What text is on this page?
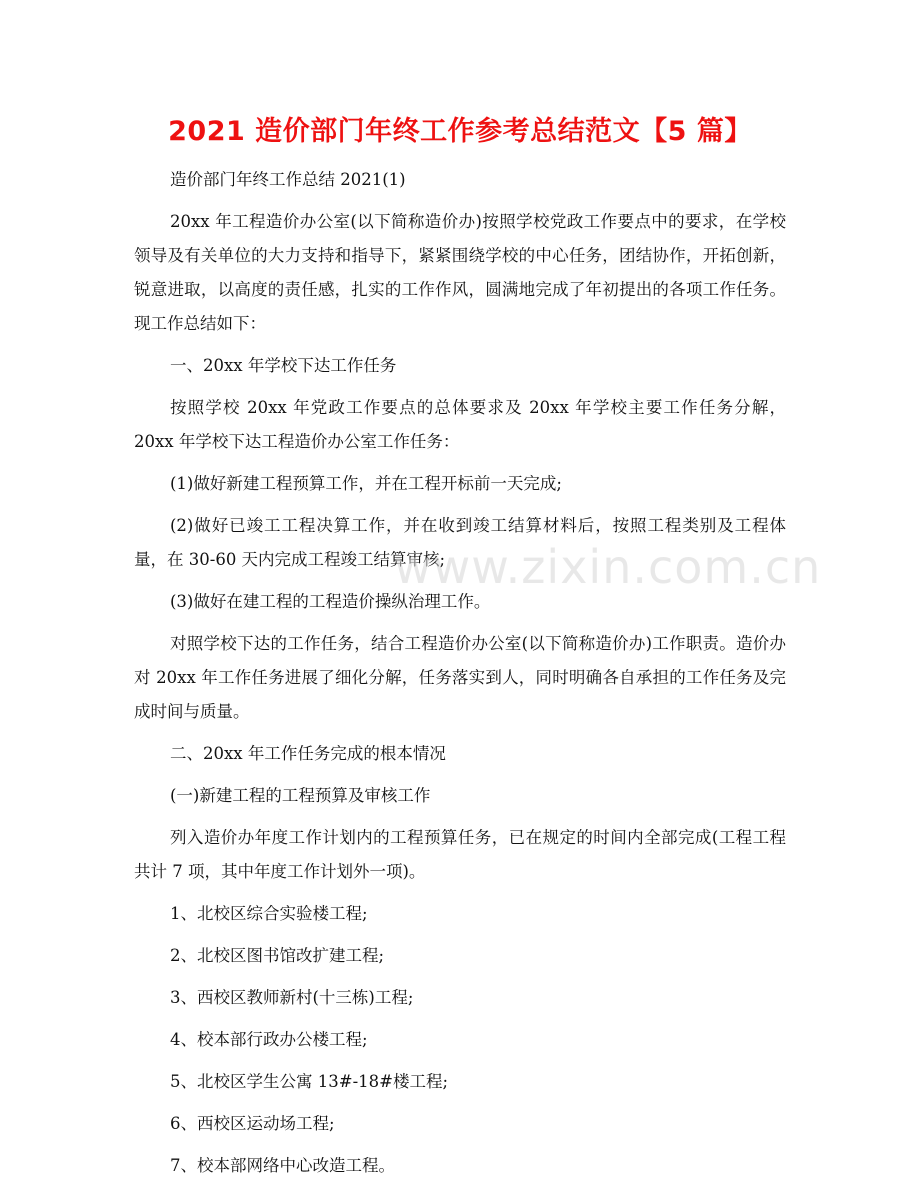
2021 造价部门年终工作参考总结范文【5 篇】

造价部门年终工作总结 2021(1)

20xx 年工程造价办公室(以下简称造价办)按照学校党政工作要点中的要求，在学校领导及有关单位的大力支持和指导下，紧紧围绕学校的中心任务，团结协作，开拓创新，锐意进取，以高度的责任感，扎实的工作作风，圆满地完成了年初提出的各项工作任务。现工作总结如下：

一、20xx 年学校下达工作任务

按照学校 20xx 年党政工作要点的总体要求及 20xx 年学校主要工作任务分解，20xx 年学校下达工程造价办公室工作任务：

(1)做好新建工程预算工作，并在工程开标前一天完成;

(2)做好已竣工工程决算工作，并在收到竣工结算材料后，按照工程类别及工程体量，在 30-60 天内完成工程竣工结算审核;

(3)做好在建工程的工程造价操纵治理工作。

对照学校下达的工作任务，结合工程造价办公室(以下简称造价办)工作职责。造价办对 20xx 年工作任务进展了细化分解，任务落实到人，同时明确各自承担的工作任务及完成时间与质量。

二、20xx 年工作任务完成的根本情况

(一)新建工程的工程预算及审核工作

列入造价办年度工作计划内的工程预算任务，已在规定的时间内全部完成(工程工程共计 7 项，其中年度工作计划外一项)。

1、北校区综合实验楼工程;

2、北校区图书馆改扩建工程;

3、西校区教师新村(十三栋)工程;

4、校本部行政办公楼工程;

5、北校区学生公寓 13#-18#楼工程;

6、西校区运动场工程;

7、校本部网络中心改造工程。

www.zixin.com.cn
